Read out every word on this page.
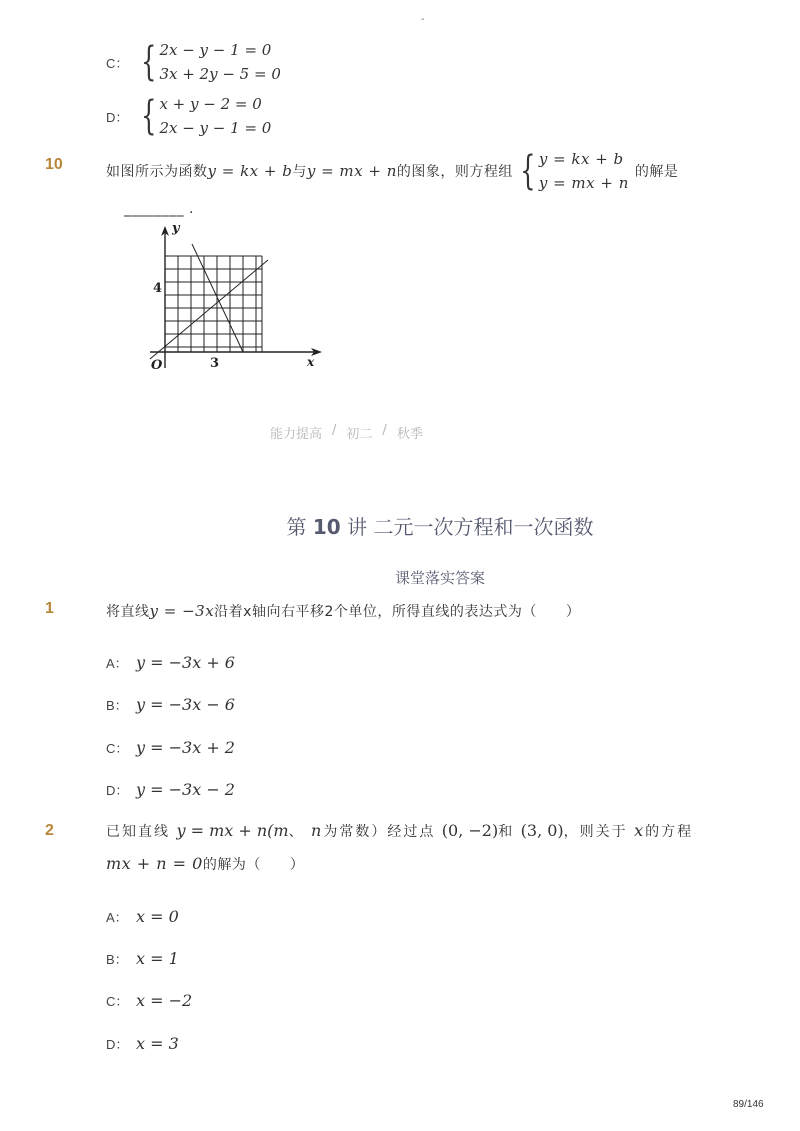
-
C： { 2x − y − 1 = 0
3x + 2y − 5 = 0
D： { x + y − 2 = 0
2x − y − 1 = 0
10	如图所示为函数 y = kx + b 与 y = mx + n 的图象，则方程组 { y = kx + b
y = mx + n
的解是
________ .
y
x
O
4
3
能力提高 / 初二 / 秋季
第 10 讲 二元一次方程和一次函数
课堂落实答案
1	将直线y = −3x沿着x轴向右平移2个单位，所得直线的表达式为（　　）
A： y = −3x + 6
B： y = −3x − 6
C： y = −3x + 2
D： y = −3x − 2
2	已知直线 y = mx + n(m、 n为常数）经过点 (0, −2)和 (3, 0)，则关于 x的方程
mx + n = 0的解为（　　）
A： x = 0
B： x = 1
C： x = −2
D： x = 3
89/146
